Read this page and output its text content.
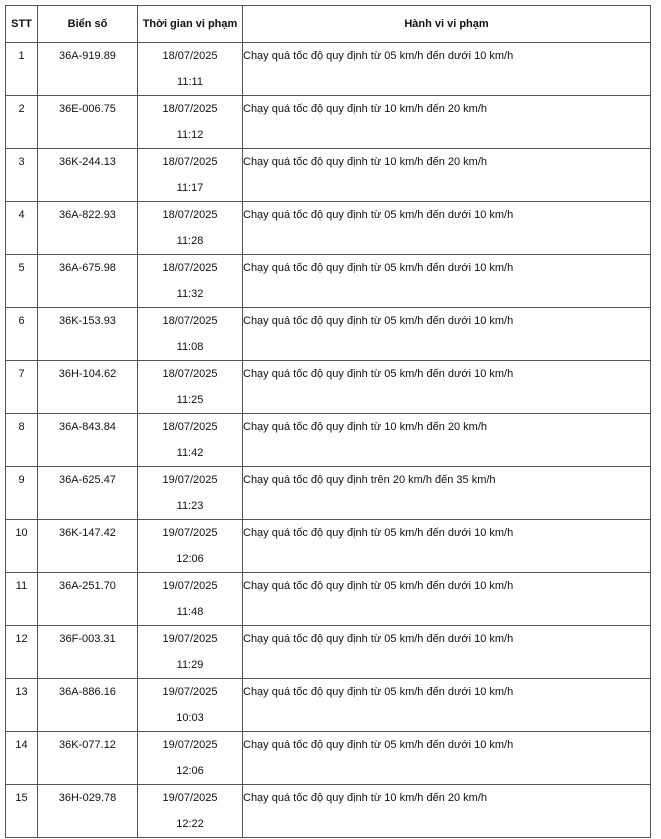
STT	Biển số	Thời gian vi phạm	Hành vi vi phạm

1	36A-919.89	18/07/2025
11:11	Chạy quá tốc độ quy định từ 05 km/h đến dưới 10 km/h

2	36E-006.75	18/07/2025
11:12	Chạy quá tốc độ quy định từ 10 km/h đến 20 km/h

3	36K-244.13	18/07/2025
11:17	Chạy quá tốc độ quy định từ 10 km/h đến 20 km/h

4	36A-822.93	18/07/2025
11:28	Chạy quá tốc độ quy định từ 05 km/h đến dưới 10 km/h

5	36A-675.98	18/07/2025
11:32	Chạy quá tốc độ quy định từ 05 km/h đến dưới 10 km/h

6	36K-153.93	18/07/2025
11:08	Chạy quá tốc độ quy định từ 05 km/h đến dưới 10 km/h

7	36H-104.62	18/07/2025
11:25	Chạy quá tốc độ quy định từ 05 km/h đến dưới 10 km/h

8	36A-843.84	18/07/2025
11:42	Chạy quá tốc độ quy định từ 10 km/h đến 20 km/h

9	36A-625.47	19/07/2025
11:23	Chạy quá tốc độ quy định trên 20 km/h đến 35 km/h

10	36K-147.42	19/07/2025
12:06	Chạy quá tốc độ quy định từ 05 km/h đến dưới 10 km/h

11	36A-251.70	19/07/2025
11:48	Chạy quá tốc độ quy định từ 05 km/h đến dưới 10 km/h

12	36F-003.31	19/07/2025
11:29	Chạy quá tốc độ quy định từ 05 km/h đến dưới 10 km/h

13	36A-886.16	19/07/2025
10:03	Chạy quá tốc độ quy định từ 05 km/h đến dưới 10 km/h

14	36K-077.12	19/07/2025
12:06	Chạy quá tốc độ quy định từ 05 km/h đến dưới 10 km/h

15	36H-029.78	19/07/2025
12:22	Chạy quá tốc độ quy định từ 10 km/h đến 20 km/h
